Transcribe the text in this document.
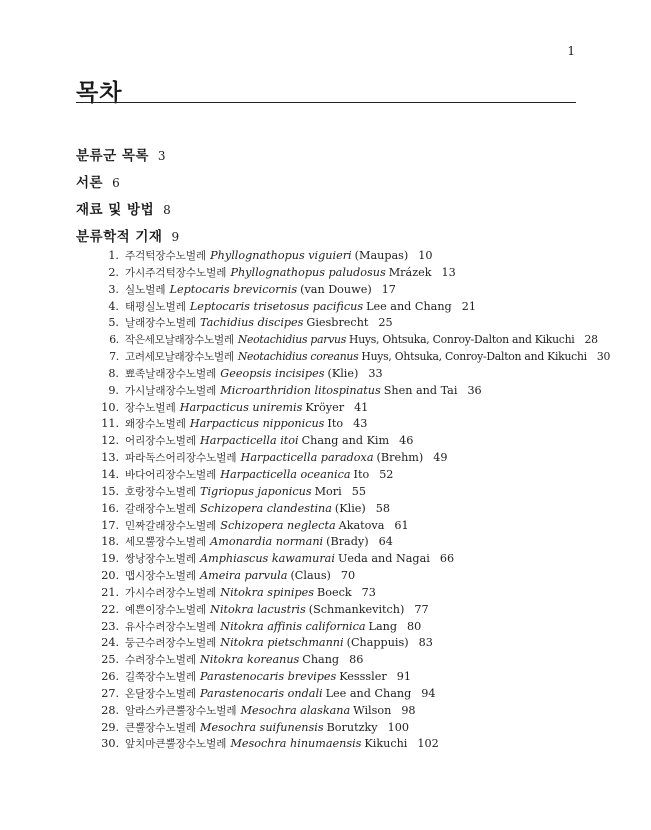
1
목차
분류군 목록 3
서론 6
재료 및 방법 8
분류학적 기재 9
1. 주걱턱장수노벌레 Phyllognathopus viguieri (Maupas) 10
2. 가시주걱턱장수노벌레 Phyllognathopus paludosus Mrázek 13
3. 실노벌레 Leptocaris brevicornis (van Douwe) 17
4. 태평실노벌레 Leptocaris trisetosus pacificus Lee and Chang 21
5. 날래장수노벌레 Tachidius discipes Giesbrecht 25
6. 작은세모날래장수노벌레 Neotachidius parvus Huys, Ohtsuka, Conroy-Dalton and Kikuchi 28
7. 고려세모날래장수노벌레 Neotachidius coreanus Huys, Ohtsuka, Conroy-Dalton and Kikuchi 30
8. 뾰족날래장수노벌레 Geeopsis incisipes (Klie) 33
9. 가시날래장수노벌레 Microarthridion litospinatus Shen and Tai 36
10. 장수노벌레 Harpacticus uniremis Kröyer 41
11. 왜장수노벌레 Harpacticus nipponicus Ito 43
12. 어리장수노벌레 Harpacticella itoi Chang and Kim 46
13. 파라독스어리장수노벌레 Harpacticella paradoxa (Brehm) 49
14. 바다어리장수노벌레 Harpacticella oceanica Ito 52
15. 호랑장수노벌레 Tigriopus japonicus Mori 55
16. 갈래장수노벌레 Schizopera clandestina (Klie) 58
17. 민짜갈래장수노벌레 Schizopera neglecta Akatova 61
18. 세모뿔장수노벌레 Amonardia normani (Brady) 64
19. 쌍낭장수노벌레 Amphiascus kawamurai Ueda and Nagai 66
20. 맵시장수노벌레 Ameira parvula (Claus) 70
21. 가시수려장수노벌레 Nitokra spinipes Boeck 73
22. 예쁜이장수노벌레 Nitokra lacustris (Schmankevitch) 77
23. 유사수려장수노벌레 Nitokra affinis californica Lang 80
24. 둥근수려장수노벌레 Nitokra pietschmanni (Chappuis) 83
25. 수려장수노벌레 Nitokra koreanus Chang 86
26. 길쭉장수노벌레 Parastenocaris brevipes Kesssler 91
27. 온달장수노벌레 Parastenocaris ondali Lee and Chang 94
28. 알라스카큰뿔장수노벌레 Mesochra alaskana Wilson 98
29. 큰뿔장수노벌레 Mesochra suifunensis Borutzky 100
30. 앞치마큰뿔장수노벌레 Mesochra hinumaensis Kikuchi 102
